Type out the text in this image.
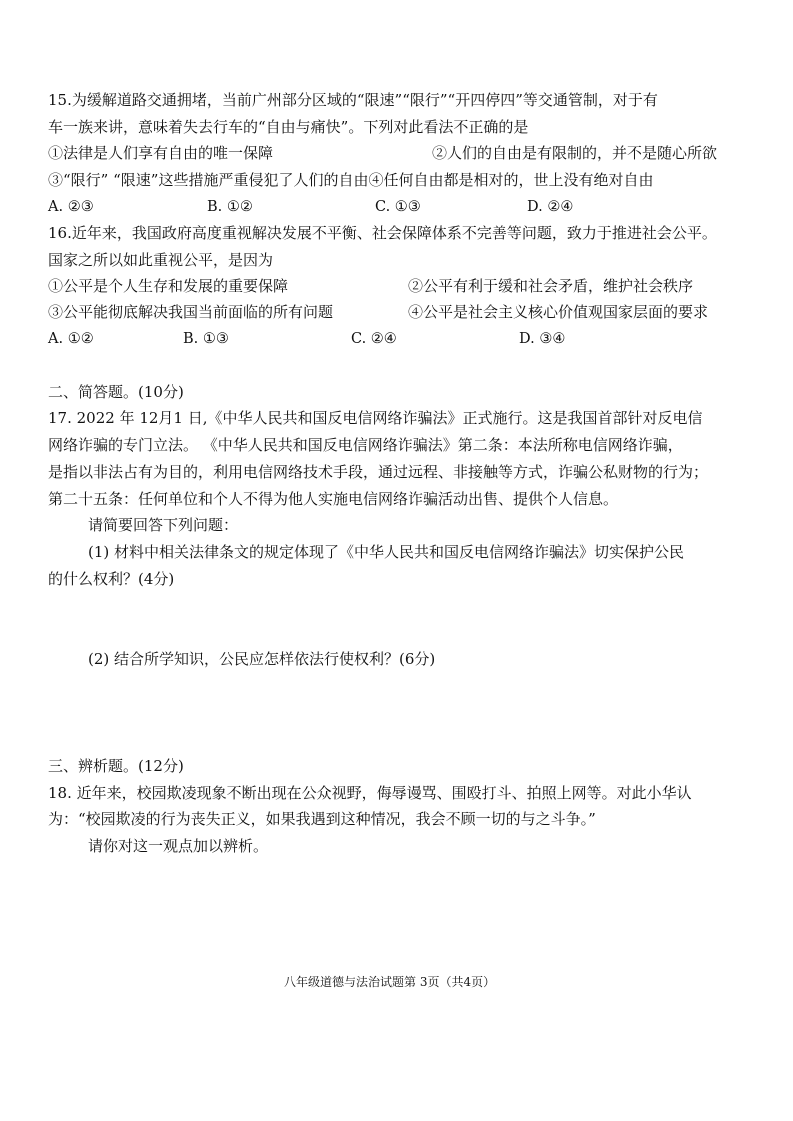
15.为缓解道路交通拥堵，当前广州部分区域的“限速”“限行”“开四停四”等交通管制，对于有
车一族来讲，意味着失去行车的“自由与痛快”。下列对此看法不正确的是
①法律是人们享有自由的唯一保障	②人们的自由是有限制的，并不是随心所欲
③“限行” “限速”这些措施严重侵犯了人们的自由④任何自由都是相对的，世上没有绝对自由
A. ②③	B. ①②	C. ①③	D. ②④
16.近年来，我国政府高度重视解决发展不平衡、社会保障体系不完善等问题，致力于推进社会公平。
国家之所以如此重视公平，是因为
①公平是个人生存和发展的重要保障	②公平有利于缓和社会矛盾，维护社会秩序
③公平能彻底解决我国当前面临的所有问题	④公平是社会主义核心价值观国家层面的要求
A. ①②	B. ①③	C. ②④	D. ③④
二、简答题。(10分)
17. 2022 年 12月1 日,《中华人民共和国反电信网络诈骗法》正式施行。这是我国首部针对反电信
网络诈骗的专门立法。 《中华人民共和国反电信网络诈骗法》第二条：本法所称电信网络诈骗，
是指以非法占有为目的，利用电信网络技术手段，通过远程、非接触等方式，诈骗公私财物的行为；
第二十五条：任何单位和个人不得为他人实施电信网络诈骗活动出售、提供个人信息。
请简要回答下列问题：
(1) 材料中相关法律条文的规定体现了《中华人民共和国反电信网络诈骗法》切实保护公民
的什么权利？(4分)
(2) 结合所学知识，公民应怎样依法行使权利？(6分)
三、辨析题。(12分)
18. 近年来，校园欺凌现象不断出现在公众视野，侮辱谩骂、围殴打斗、拍照上网等。对此小华认
为：“校园欺凌的行为丧失正义，如果我遇到这种情况，我会不顾一切的与之斗争。”
请你对这一观点加以辨析。
八年级道德与法治试题第 3页（共4页）
